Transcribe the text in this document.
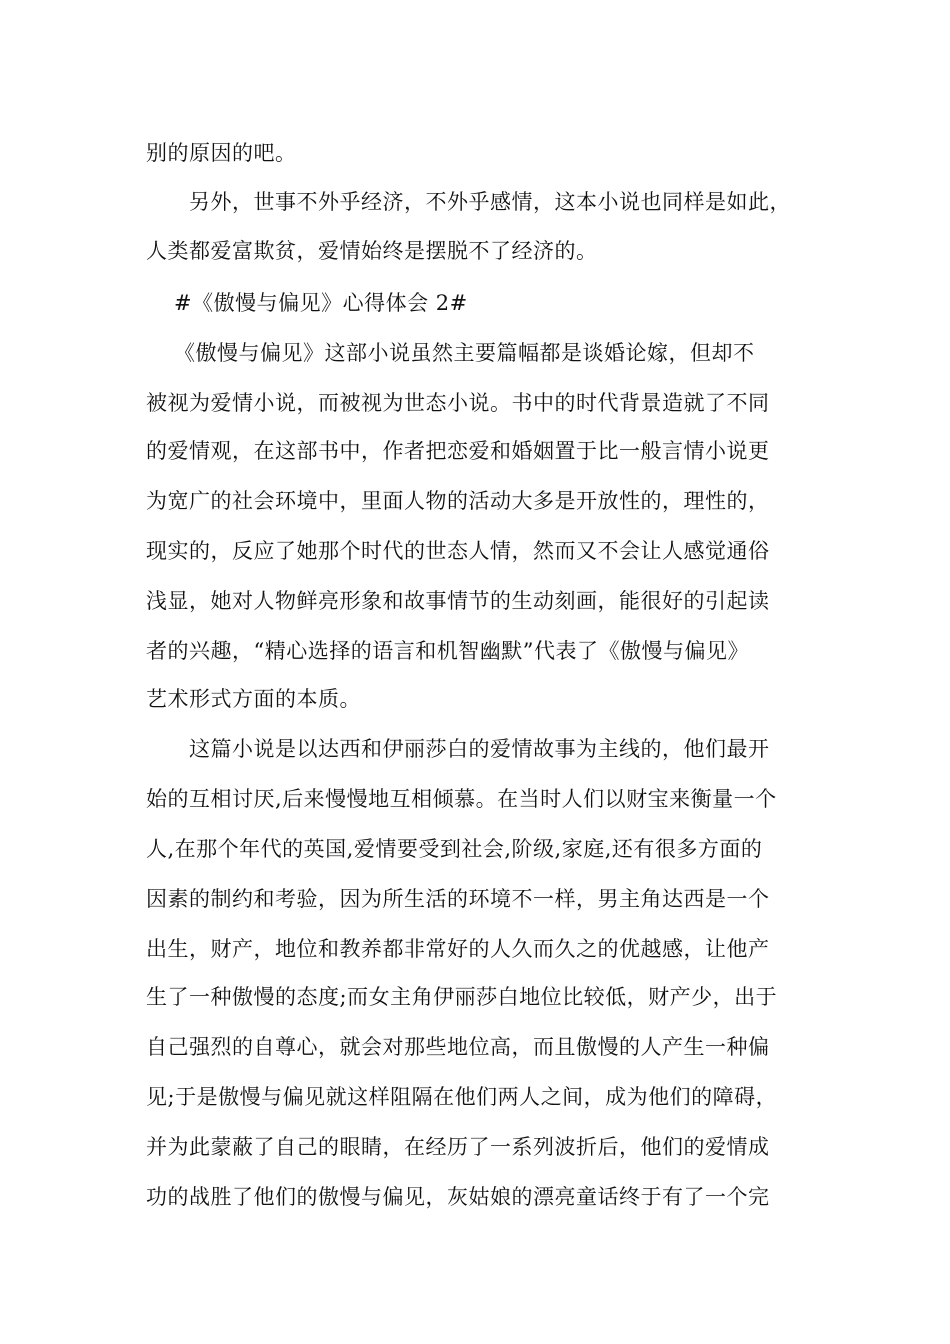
别的原因的吧。
另外，世事不外乎经济，不外乎感情，这本小说也同样是如此，
人类都爱富欺贫，爱情始终是摆脱不了经济的。
#《傲慢与偏见》心得体会 2#
《傲慢与偏见》这部小说虽然主要篇幅都是谈婚论嫁，但却不
被视为爱情小说，而被视为世态小说。书中的时代背景造就了不同
的爱情观，在这部书中，作者把恋爱和婚姻置于比一般言情小说更
为宽广的社会环境中，里面人物的活动大多是开放性的，理性的，
现实的，反应了她那个时代的世态人情，然而又不会让人感觉通俗
浅显，她对人物鲜亮形象和故事情节的生动刻画，能很好的引起读
者的兴趣，“精心选择的语言和机智幽默”代表了《傲慢与偏见》
艺术形式方面的本质。
这篇小说是以达西和伊丽莎白的爱情故事为主线的，他们最开
始的互相讨厌,后来慢慢地互相倾慕。在当时人们以财宝来衡量一个
人,在那个年代的英国,爱情要受到社会,阶级,家庭,还有很多方面的
因素的制约和考验，因为所生活的环境不一样，男主角达西是一个
出生，财产，地位和教养都非常好的人久而久之的优越感，让他产
生了一种傲慢的态度;而女主角伊丽莎白地位比较低，财产少，出于
自己强烈的自尊心，就会对那些地位高，而且傲慢的人产生一种偏
见;于是傲慢与偏见就这样阻隔在他们两人之间，成为他们的障碍，
并为此蒙蔽了自己的眼睛，在经历了一系列波折后，他们的爱情成
功的战胜了他们的傲慢与偏见，灰姑娘的漂亮童话终于有了一个完
